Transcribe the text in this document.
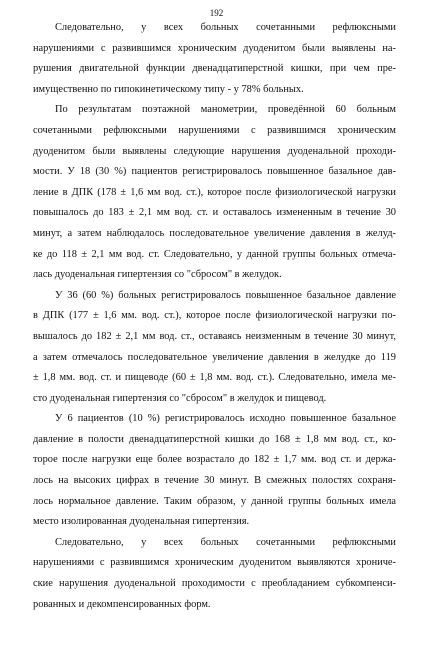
192

Следовательно, у всех больных сочетанными рефлюксными
нарушениями с развившимся хроническим дуоденитом были выявлены на-
рушения двигательной функции двенадцатиперстной кишки, при чем пре-
имущественно по гипокинетическому типу - у 78% больных.

По результатам поэтажной манометрии, проведённой 60 больным
сочетанными рефлюксными нарушениями с развившимся хроническим
дуоденитом были выявлены следующие нарушения дуоденальной проходи-
мости. У 18 (30 %) пациентов регистрировалось повышенное базальное дав-
ление в ДПК (178 ± 1,6 мм вод. ст.), которое после физиологической нагрузки
повышалось до 183 ± 2,1 мм вод. ст. и оставалось измененным в течение 30
минут, а затем наблюдалось последовательное увеличение давления в желуд-
ке до 118 ± 2,1 мм вод. ст. Следовательно, у данной группы больных отмеча-
лась дуоденальная гипертензия со "сбросом" в желудок.

У 36 (60 %) больных регистрировалось повышенное базальное давление
в ДПК (177 ± 1,6 мм. вод. ст.), которое после физиологической нагрузки по-
вышалось до 182 ± 2,1 мм вод. ст., оставаясь неизменным в течение 30 минут,
а затем отмечалось последовательное увеличение давления в желудке до 119
± 1,8 мм. вод. ст. и пищеводе (60 ± 1,8 мм. вод. ст.). Следовательно, имела ме-
сто дуоденальная гипертензия со "сбросом" в желудок и пищевод.

У 6 пациентов (10 %) регистрировалось исходно повышенное базальное
давление в полости двенадцатиперстной кишки до 168 ± 1,8 мм вод. ст., ко-
торое после нагрузки еще более возрастало до 182 ± 1,7 мм. вод ст. и держа-
лось на высоких цифрах в течение 30 минут. В смежных полостях сохраня-
лось нормальное давление. Таким образом, у данной группы больных имела
место изолированная дуоденальная гипертензия.

Следовательно, у всех больных сочетанными рефлюксными
нарушениями с развившимся хроническим дуоденитом выявляются хрониче-
ские нарушения дуоденальной проходимости с преобладанием субкомпенси-
рованных и декомпенсированных форм.
